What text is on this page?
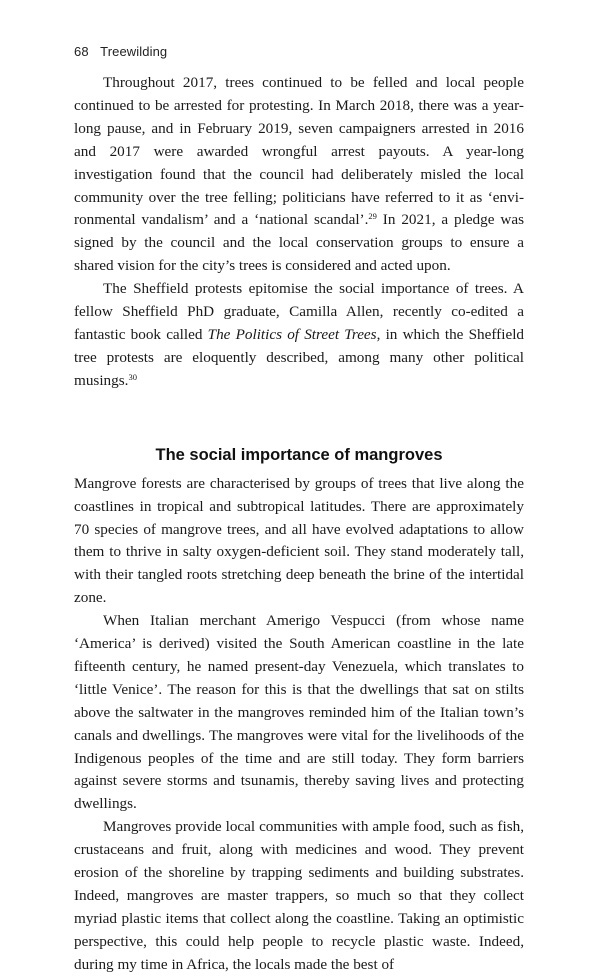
68 Treewilding

Throughout 2017, trees continued to be felled and local people continued to be arrested for protesting. In March 2018, there was a year-long pause, and in February 2019, seven campaigners arrested in 2016 and 2017 were awarded wrongful arrest payouts. A year-long investigation found that the council had deliberately misled the local community over the tree felling; politicians have referred to it as ‘environmental vandalism’ and a ‘national scandal’.$^{29}$ In 2021, a pledge was signed by the council and the local conservation groups to ensure a shared vision for the city’s trees is considered and acted upon.

The Sheffield protests epitomise the social importance of trees. A fellow Sheffield PhD graduate, Camilla Allen, recently co-edited a fantastic book called The Politics of Street Trees, in which the Sheffield tree protests are eloquently described, among many other political musings.$^{30}$

The social importance of mangroves

Mangrove forests are characterised by groups of trees that live along the coastlines in tropical and subtropical latitudes. There are approximately 70 species of mangrove trees, and all have evolved adaptations to allow them to thrive in salty oxygen-deficient soil. They stand moderately tall, with their tangled roots stretching deep beneath the brine of the intertidal zone.

When Italian merchant Amerigo Vespucci (from whose name ‘America’ is derived) visited the South American coastline in the late fifteenth century, he named present-day Venezuela, which translates to ‘little Venice’. The reason for this is that the dwellings that sat on stilts above the saltwater in the mangroves reminded him of the Italian town’s canals and dwellings. The mangroves were vital for the livelihoods of the Indigenous peoples of the time and are still today. They form barriers against severe storms and tsunamis, thereby saving lives and protecting dwellings.

Mangroves provide local communities with ample food, such as fish, crustaceans and fruit, along with medicines and wood. They prevent erosion of the shoreline by trapping sediments and building substrates. Indeed, mangroves are master trappers, so much so that they collect myriad plastic items that collect along the coastline. Taking an optimistic perspective, this could help people to recycle plastic waste. Indeed, during my time in Africa, the locals made the best of
